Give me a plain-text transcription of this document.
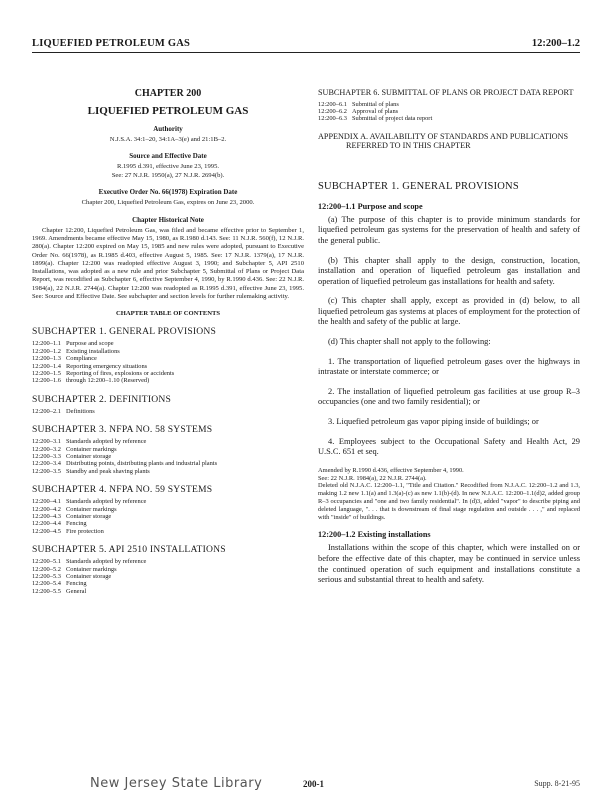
LIQUEFIED PETROLEUM GAS	12:200–1.2
CHAPTER 200
LIQUEFIED PETROLEUM GAS
Authority
N.J.S.A. 34:1–20, 34:1A–3(e) and 21:1B–2.
Source and Effective Date
R.1995 d.391, effective June 23, 1995.
See: 27 N.J.R. 1950(a), 27 N.J.R. 2694(b).
Executive Order No. 66(1978) Expiration Date
Chapter 200, Liquefied Petroleum Gas, expires on June 23, 2000.
Chapter Historical Note

Chapter 12:200, Liquefied Petroleum Gas, was filed and became effective prior to September 1, 1969. Amendments became effective May 15, 1980, as R.1980 d.143. See: 11 N.J.R. 560(f), 12 N.J.R. 280(a). Chapter 12:200 expired on May 15, 1985 and new rules were adopted, pursuant to Executive Order No. 66(1978), as R.1985 d.403, effective August 5, 1985. See: 17 N.J.R. 1379(a), 17 N.J.R. 1899(a). Chapter 12:200 was readopted effective August 3, 1990; and Subchapter 5, API 2510 Installations, was adopted as a new rule and prior Subchapter 5, Submittal of Plans or Project Data Report, was recodified as Subchapter 6, effective September 4, 1990, by R.1990 d.436. See: 22 N.J.R. 1984(a), 22 N.J.R. 2744(a). Chapter 12:200 was readopted as R.1995 d.391, effective June 23, 1995. See: Source and Effective Date. See subchapter and section levels for further rulemaking activity.

CHAPTER TABLE OF CONTENTS
SUBCHAPTER 1. GENERAL PROVISIONS
12:200–1.1 Purpose and scope
12:200–1.2 Existing installations
12:200–1.3 Compliance
12:200–1.4 Reporting emergency situations
12:200–1.5 Reporting of fires, explosions or accidents
12:200–1.6 through 12:200–1.10 (Reserved)
SUBCHAPTER 2. DEFINITIONS
12:200–2.1 Definitions
SUBCHAPTER 3. NFPA NO. 58 SYSTEMS
12:200–3.1 Standards adopted by reference
12:200–3.2 Container markings
12:200–3.3 Container storage
12:200–3.4 Distributing points, distributing plants and industrial plants
12:200–3.5 Standby and peak shaving plants
SUBCHAPTER 4. NFPA NO. 59 SYSTEMS
12:200–4.1 Standards adopted by reference
12:200–4.2 Container markings
12:200–4.3 Container storage
12:200–4.4 Fencing
12:200–4.5 Fire protection
SUBCHAPTER 5. API 2510 INSTALLATIONS
12:200–5.1 Standards adopted by reference
12:200–5.2 Container markings
12:200–5.3 Container storage
12:200–5.4 Fencing
12:200–5.5 General
SUBCHAPTER 6. SUBMITTAL OF PLANS OR PROJECT DATA REPORT
12:200–6.1 Submittal of plans
12:200–6.2 Approval of plans
12:200–6.3 Submittal of project data report
APPENDIX A. AVAILABILITY OF STANDARDS AND PUBLICATIONS REFERRED TO IN THIS CHAPTER
SUBCHAPTER 1. GENERAL PROVISIONS
12:200–1.1 Purpose and scope

(a) The purpose of this chapter is to provide minimum standards for liquefied petroleum gas systems for the preservation of health and safety of the general public.

(b) This chapter shall apply to the design, construction, location, installation and operation of liquefied petroleum gas installation and operation of liquefied petroleum gas installations for health and safety.

(c) This chapter shall apply, except as provided in (d) below, to all liquefied petroleum gas systems at places of employment for the protection of the health and safety of the public at large.

(d) This chapter shall not apply to the following:

1. The transportation of liquefied petroleum gases over the highways in intrastate or interstate commerce; or

2. The installation of liquefied petroleum gas facilities at use group R–3 occupancies (one and two family residential); or

3. Liquefied petroleum gas vapor piping inside of buildings; or

4. Employees subject to the Occupational Safety and Health Act, 29 U.S.C. 651 et seq.

Amended by R.1990 d.436, effective September 4, 1990.
See: 22 N.J.R. 1984(a), 22 N.J.R. 2744(a).
Deleted old N.J.A.C. 12:200–1.1, "Title and Citation." Recodified from N.J.A.C. 12:200–1.2 and 1.3, making 1.2 new 1.1(a) and 1.3(a)-(c) as new 1.1(b)-(d). In new N.J.A.C. 12:200–1.1(d)2, added group R–3 occupancies and "one and two family residential". In (d)3, added "vapor" to describe piping and deleted language, ". . . that is downstream of final stage regulation and outside . . . ," and replaced with "inside" of buildings.
12:200–1.2 Existing installations

Installations within the scope of this chapter, which were installed on or before the effective date of this chapter, may be continued in service unless the continued operation of such equipment and installations constitute a serious and substantial threat to health and safety.

New Jersey State Library	200-1	Supp. 8-21-95
